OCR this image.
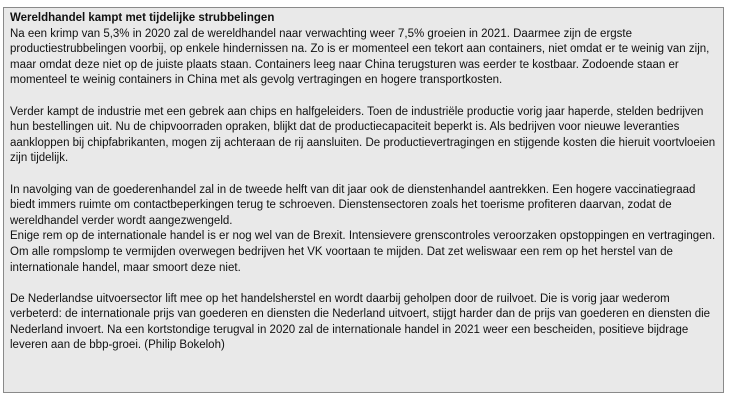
Wereldhandel kampt met tijdelijke strubbelingen

Na een krimp van 5,3% in 2020 zal de wereldhandel naar verwachting weer 7,5% groeien in 2021. Daarmee zijn de ergste productiestrubbelingen voorbij, op enkele hindernissen na. Zo is er momenteel een tekort aan containers, niet omdat er te weinig van zijn, maar omdat deze niet op de juiste plaats staan. Containers leeg naar China terugsturen was eerder te kostbaar. Zodoende staan er momenteel te weinig containers in China met als gevolg vertragingen en hogere transportkosten.

Verder kampt de industrie met een gebrek aan chips en halfgeleiders. Toen de industriële productie vorig jaar haperde, stelden bedrijven hun bestellingen uit. Nu de chipvoorraden opraken, blijkt dat de productiecapaciteit beperkt is. Als bedrijven voor nieuwe leveranties aankloppen bij chipfabrikanten, mogen zij achteraan de rij aansluiten. De productievertragingen en stijgende kosten die hieruit voortvloeien zijn tijdelijk.

In navolging van de goederenhandel zal in de tweede helft van dit jaar ook de dienstenhandel aantrekken. Een hogere vaccinatiegraad biedt immers ruimte om contactbeperkingen terug te schroeven. Dienstensectoren zoals het toerisme profiteren daarvan, zodat de wereldhandel verder wordt aangezwengeld.

Enige rem op de internationale handel is er nog wel van de Brexit. Intensievere grenscontroles veroorzaken opstoppingen en vertragingen. Om alle rompslomp te vermijden overwegen bedrijven het VK voortaan te mijden. Dat zet weliswaar een rem op het herstel van de internationale handel, maar smoort deze niet.

De Nederlandse uitvoersector lift mee op het handelsherstel en wordt daarbij geholpen door de ruilvoet. Die is vorig jaar wederom verbeterd: de internationale prijs van goederen en diensten die Nederland uitvoert, stijgt harder dan de prijs van goederen en diensten die Nederland invoert. Na een kortstondige terugval in 2020 zal de internationale handel in 2021 weer een bescheiden, positieve bijdrage leveren aan de bbp-groei. (Philip Bokeloh)
